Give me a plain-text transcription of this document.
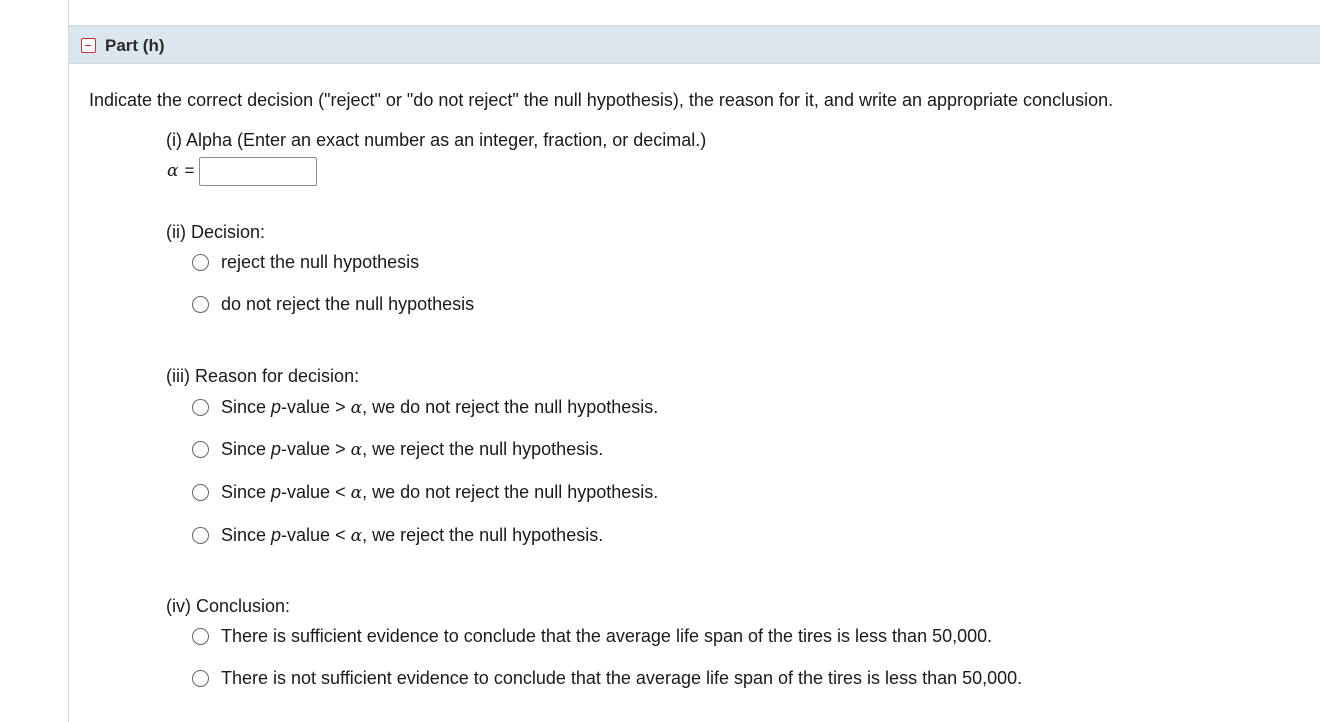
Part (h)
Indicate the correct decision ("reject" or "do not reject" the null hypothesis), the reason for it, and write an appropriate conclusion.
(i) Alpha (Enter an exact number as an integer, fraction, or decimal.)
α =
(ii) Decision:
reject the null hypothesis
do not reject the null hypothesis
(iii) Reason for decision:
Since p-value > α, we do not reject the null hypothesis.
Since p-value > α, we reject the null hypothesis.
Since p-value < α, we do not reject the null hypothesis.
Since p-value < α, we reject the null hypothesis.
(iv) Conclusion:
There is sufficient evidence to conclude that the average life span of the tires is less than 50,000.
There is not sufficient evidence to conclude that the average life span of the tires is less than 50,000.
